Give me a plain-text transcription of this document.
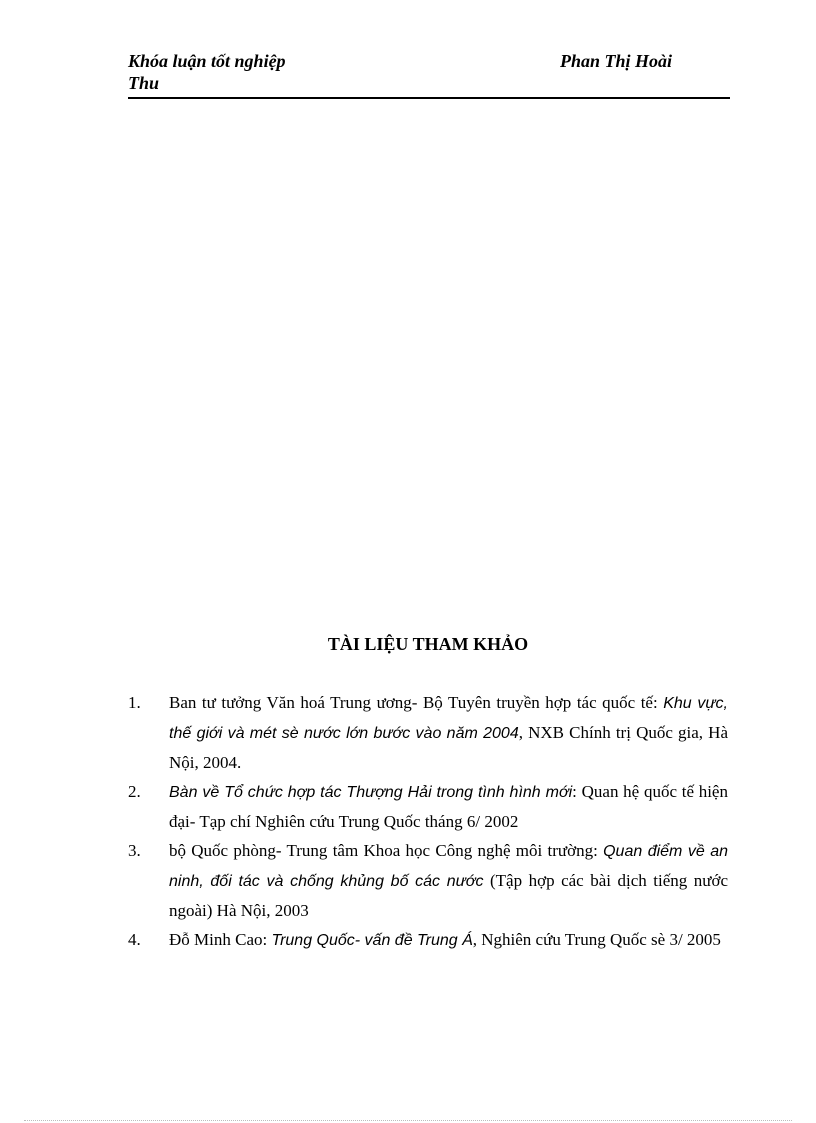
Khóa luận tốt nghiệp
Thu
Phan Thị Hoài
TÀI LIỆU THAM KHẢO
1. Ban tư tưởng Văn hoá Trung ương- Bộ Tuyên truyền hợp tác quốc tế: Khu vực, thế giới và mét sè nước lớn bước vào năm 2004, NXB Chính trị Quốc gia, Hà Nội, 2004.
2. Bàn về Tổ chức hợp tác Thượng Hải trong tình hình mới: Quan hệ quốc tế hiện đại- Tạp chí Nghiên cứu Trung Quốc tháng 6/ 2002
3. bộ Quốc phòng- Trung tâm Khoa học Công nghệ môi trường: Quan điểm về an ninh, đối tác và chống khủng bố các nước (Tập hợp các bài dịch tiếng nước ngoài) Hà Nội, 2003
4. Đỗ Minh Cao: Trung Quốc- vấn đề Trung Á, Nghiên cứu Trung Quốc sè 3/ 2005
